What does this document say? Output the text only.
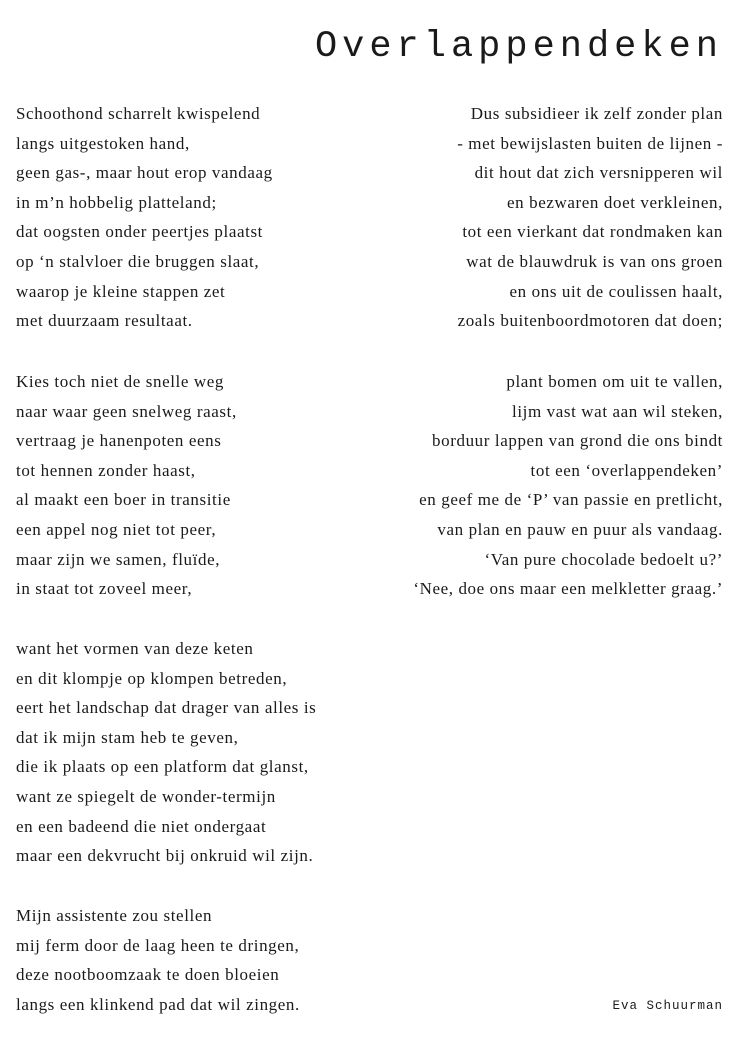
Overlappendeken
Schoothond scharrelt kwispelend
langs uitgestoken hand,
geen gas-, maar hout erop vandaag
in m’n hobbelig platteland;
dat oogsten onder peertjes plaatst
op ‘n stalvloer die bruggen slaat,
waarop je kleine stappen zet
met duurzaam resultaat.
Kies toch niet de snelle weg
naar waar geen snelweg raast,
vertraag je hanenpoten eens
tot hennen zonder haast,
al maakt een boer in transitie
een appel nog niet tot peer,
maar zijn we samen, fluïde,
in staat tot zoveel meer,
want het vormen van deze keten
en dit klompje op klompen betreden,
eert het landschap dat drager van alles is
dat ik mijn stam heb te geven,
die ik plaats op een platform dat glanst,
want ze spiegelt de wonder-termijn
en een badeend die niet ondergaat
maar een dekvrucht bij onkruid wil zijn.
Mijn assistente zou stellen
mij ferm door de laag heen te dringen,
deze nootboomzaak te doen bloeien
langs een klinkend pad dat wil zingen.
Dus subsidieer ik zelf zonder plan
- met bewijslasten buiten de lijnen -
dit hout dat zich versnipperen wil
en bezwaren doet verkleinen,
tot een vierkant dat rondmaken kan
wat de blauwdruk is van ons groen
en ons uit de coulissen haalt,
zoals buitenboordmotoren dat doen;
plant bomen om uit te vallen,
lijm vast wat aan wil steken,
borduur lappen van grond die ons bindt
tot een ‘overlappendeken’
en geef me de ‘P’ van passie en pretlicht,
van plan en pauw en puur als vandaag.
‘Van pure chocolade bedoelt u?’
‘Nee, doe ons maar een melkletter graag.’
Eva Schuurman
